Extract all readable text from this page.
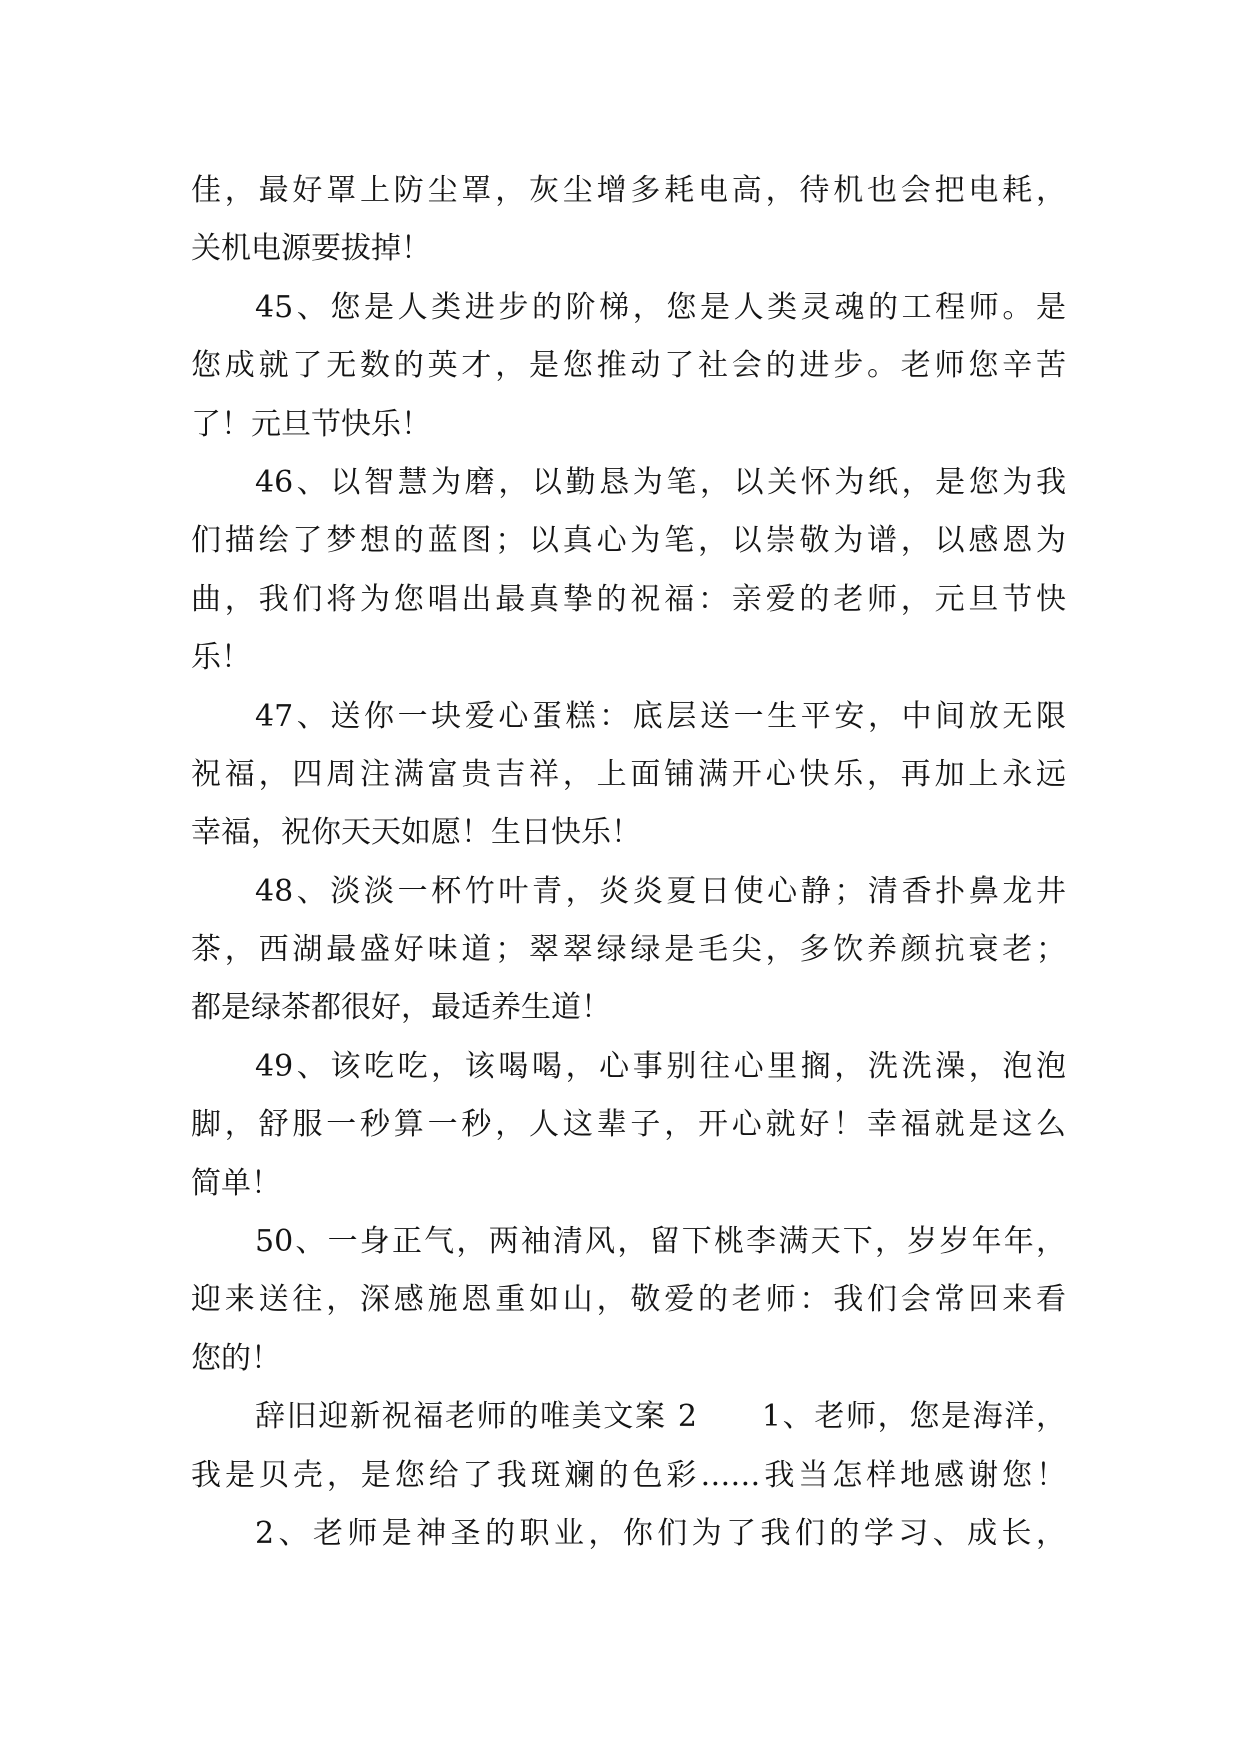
佳，最好罩上防尘罩，灰尘增多耗电高，待机也会把电耗，
关机电源要拔掉！
45、您是人类进步的阶梯，您是人类灵魂的工程师。是
您成就了无数的英才，是您推动了社会的进步。老师您辛苦
了！元旦节快乐！
46、以智慧为磨，以勤恳为笔，以关怀为纸，是您为我
们描绘了梦想的蓝图；以真心为笔，以崇敬为谱，以感恩为
曲，我们将为您唱出最真挚的祝福：亲爱的老师，元旦节快
乐！
47、送你一块爱心蛋糕：底层送一生平安，中间放无限
祝福，四周注满富贵吉祥，上面铺满开心快乐，再加上永远
幸福，祝你天天如愿！生日快乐！
48、淡淡一杯竹叶青，炎炎夏日使心静；清香扑鼻龙井
茶，西湖最盛好味道；翠翠绿绿是毛尖，多饮养颜抗衰老；
都是绿茶都很好，最适养生道！
49、该吃吃，该喝喝，心事别往心里搁，洗洗澡，泡泡
脚，舒服一秒算一秒，人这辈子，开心就好！幸福就是这么
简单！
50、一身正气，两袖清风，留下桃李满天下，岁岁年年，
迎来送往，深感施恩重如山，敬爱的老师：我们会常回来看
您的！
辞旧迎新祝福老师的唯美文案 2　　1、老师，您是海洋，
我是贝壳，是您给了我斑斓的色彩……我当怎样地感谢您！
2、老师是神圣的职业，你们为了我们的学习、成长，
